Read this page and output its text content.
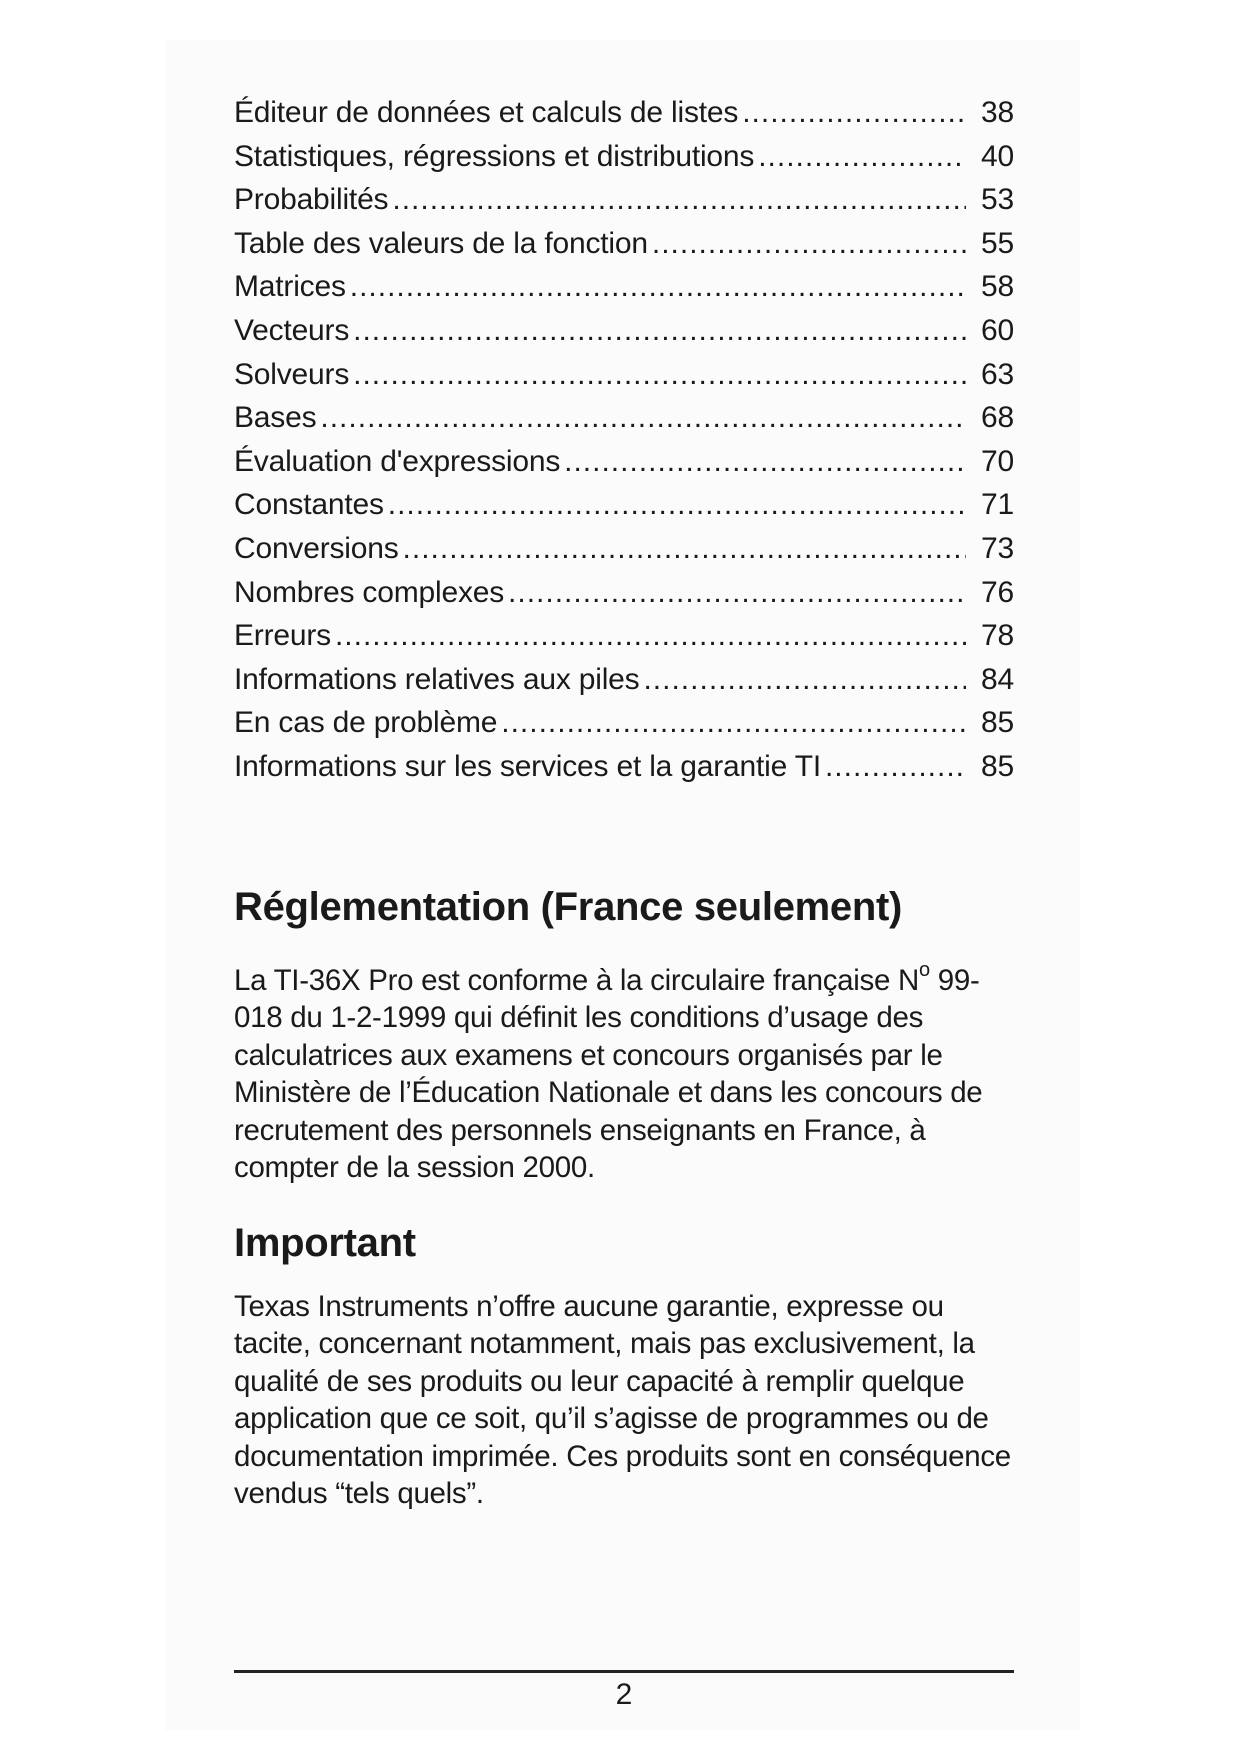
Éditeur de données et calculs de listes .....	38
Statistiques, régressions et distributions .....	40
Probabilités .....	53
Table des valeurs de la fonction .....	55
Matrices .....	58
Vecteurs .....	60
Solveurs .....	63
Bases .....	68
Évaluation d'expressions .....	70
Constantes .....	71
Conversions .....	73
Nombres complexes .....	76
Erreurs .....	78
Informations relatives aux piles .....	84
En cas de problème .....	85
Informations sur les services et la garantie TI .....	85
Réglementation (France seulement)

La TI-36X Pro est conforme à la circulaire française $N^o$ 99-018 du 1-2-1999 qui définit les conditions d’usage des calculatrices aux examens et concours organisés par le Ministère de l’Éducation Nationale et dans les concours de recrutement des personnels enseignants en France, à compter de la session 2000.

Important

Texas Instruments n’offre aucune garantie, expresse ou tacite, concernant notamment, mais pas exclusivement, la qualité de ses produits ou leur capacité à remplir quelque application que ce soit, qu’il s’agisse de programmes ou de documentation imprimée. Ces produits sont en conséquence vendus “tels quels”.

2
